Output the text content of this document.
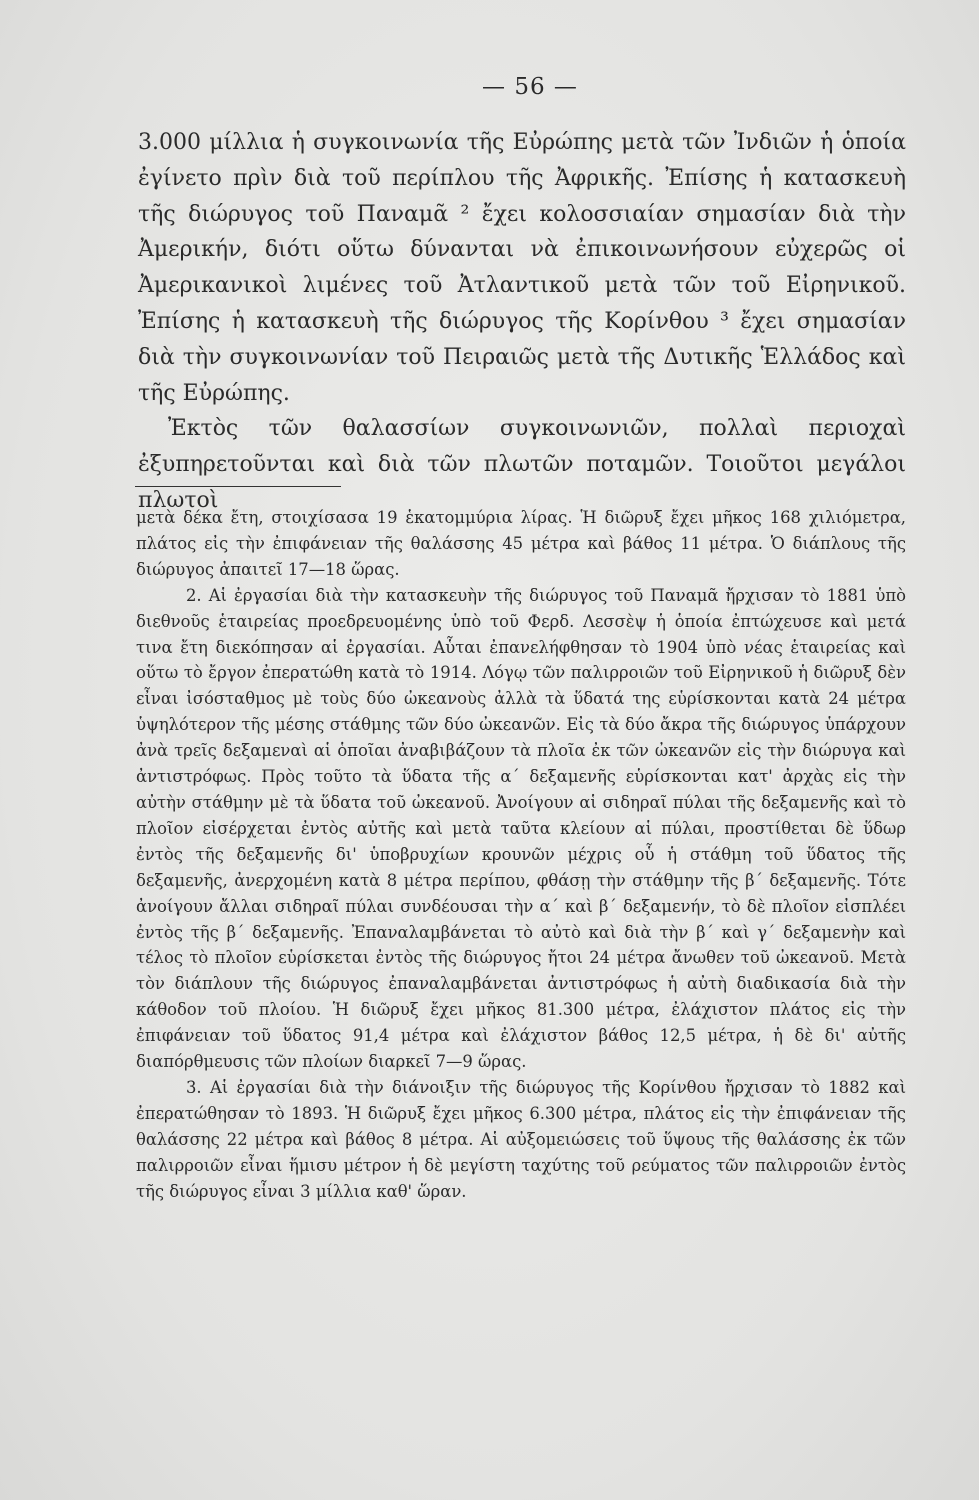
— 56 —

3.000 μίλλια ἡ συγκοινωνία τῆς Εὐρώπης μετὰ τῶν Ἰνδιῶν ἡ ὁποία ἐγίνετο πρὶν διὰ τοῦ περίπλου τῆς Ἀφρικῆς. Ἐπίσης ἡ κατασκευὴ τῆς διώρυγος τοῦ Παναμᾶ ² ἔχει κολοσσιαίαν σημασίαν διὰ τὴν Ἀμερικήν, διότι οὕτω δύνανται νὰ ἐπικοινωνήσουν εὐχερῶς οἱ Ἀμερικανικοὶ λιμένες τοῦ Ἀτλαντικοῦ μετὰ τῶν τοῦ Εἰρηνικοῦ. Ἐπίσης ἡ κατασκευὴ τῆς διώρυγος τῆς Κορίνθου ³ ἔχει σημασίαν διὰ τὴν συγκοινωνίαν τοῦ Πειραιῶς μετὰ τῆς Δυτικῆς Ἑλλάδος καὶ τῆς Εὐρώπης.

Ἐκτὸς τῶν θαλασσίων συγκοινωνιῶν, πολλαὶ περιοχαὶ ἐξυπηρετοῦνται καὶ διὰ τῶν πλωτῶν ποταμῶν. Τοιοῦτοι μεγάλοι πλωτοὶ

μετὰ δέκα ἔτη, στοιχίσασα 19 ἑκατομμύρια λίρας. Ἡ διῶρυξ ἔχει μῆκος 168 χιλιόμετρα, πλάτος εἰς τὴν ἐπιφάνειαν τῆς θαλάσσης 45 μέτρα καὶ βάθος 11 μέτρα. Ὁ διάπλους τῆς διώρυγος ἀπαιτεῖ 17—18 ὥρας.

2. Αἱ ἐργασίαι διὰ τὴν κατασκευὴν τῆς διώρυγος τοῦ Παναμᾶ ἤρχισαν τὸ 1881 ὑπὸ διεθνοῦς ἑταιρείας προεδρευομένης ὑπὸ τοῦ Φερδ. Λεσσὲψ ἡ ὁποία ἐπτώχευσε καὶ μετά τινα ἔτη διεκόπησαν αἱ ἐργασίαι. Αὗται ἐπανελήφθησαν τὸ 1904 ὑπὸ νέας ἑταιρείας καὶ οὕτω τὸ ἔργον ἐπερατώθη κατὰ τὸ 1914. Λόγῳ τῶν παλιρροιῶν τοῦ Εἰρηνικοῦ ἡ διῶρυξ δὲν εἶναι ἰσόσταθμος μὲ τοὺς δύο ὠκεανοὺς ἀλλὰ τὰ ὕδατά της εὑρίσκονται κατὰ 24 μέτρα ὑψηλότερον τῆς μέσης στάθμης τῶν δύο ὠκεανῶν. Εἰς τὰ δύο ἄκρα τῆς διώρυγος ὑπάρχουν ἀνὰ τρεῖς δεξαμεναὶ αἱ ὁποῖαι ἀναβιβάζουν τὰ πλοῖα ἐκ τῶν ὠκεανῶν εἰς τὴν διώρυγα καὶ ἀντιστρόφως. Πρὸς τοῦτο τὰ ὕδατα τῆς α΄ δεξαμενῆς εὑρίσκονται κατ' ἀρχὰς εἰς τὴν αὐτὴν στάθμην μὲ τὰ ὕδατα τοῦ ὠκεανοῦ. Ἀνοίγουν αἱ σιδηραῖ πύλαι τῆς δεξαμενῆς καὶ τὸ πλοῖον εἰσέρχεται ἐντὸς αὐτῆς καὶ μετὰ ταῦτα κλείουν αἱ πύλαι, προστίθεται δὲ ὕδωρ ἐντὸς τῆς δεξαμενῆς δι' ὑποβρυχίων κρουνῶν μέχρις οὗ ἡ στάθμη τοῦ ὕδατος τῆς δεξαμενῆς, ἀνερχομένη κατὰ 8 μέτρα περίπου, φθάσῃ τὴν στάθμην τῆς β΄ δεξαμενῆς. Τότε ἀνοίγουν ἄλλαι σιδηραῖ πύλαι συνδέουσαι τὴν α΄ καὶ β΄ δεξαμενήν, τὸ δὲ πλοῖον εἰσπλέει ἐντὸς τῆς β΄ δεξαμενῆς. Ἐπαναλαμβάνεται τὸ αὐτὸ καὶ διὰ τὴν β΄ καὶ γ΄ δεξαμενὴν καὶ τέλος τὸ πλοῖον εὑρίσκεται ἐντὸς τῆς διώρυγος ἤτοι 24 μέτρα ἄνωθεν τοῦ ὠκεανοῦ. Μετὰ τὸν διάπλουν τῆς διώρυγος ἐπαναλαμβάνεται ἀντιστρόφως ἡ αὐτὴ διαδικασία διὰ τὴν κάθοδον τοῦ πλοίου. Ἡ διῶρυξ ἔχει μῆκος 81.300 μέτρα, ἐλάχιστον πλάτος εἰς τὴν ἐπιφάνειαν τοῦ ὕδατος 91,4 μέτρα καὶ ἐλάχιστον βάθος 12,5 μέτρα, ἡ δὲ δι' αὐτῆς διαπόρθμευσις τῶν πλοίων διαρκεῖ 7—9 ὥρας.

3. Αἱ ἐργασίαι διὰ τὴν διάνοιξιν τῆς διώρυγος τῆς Κορίνθου ἤρχισαν τὸ 1882 καὶ ἐπερατώθησαν τὸ 1893. Ἡ διῶρυξ ἔχει μῆκος 6.300 μέτρα, πλάτος εἰς τὴν ἐπιφάνειαν τῆς θαλάσσης 22 μέτρα καὶ βάθος 8 μέτρα. Αἱ αὐξομειώσεις τοῦ ὕψους τῆς θαλάσσης ἐκ τῶν παλιρροιῶν εἶναι ἥμισυ μέτρον ἡ δὲ μεγίστη ταχύτης τοῦ ρεύματος τῶν παλιρροιῶν ἐντὸς τῆς διώρυγος εἶναι 3 μίλλια καθ' ὥραν.
